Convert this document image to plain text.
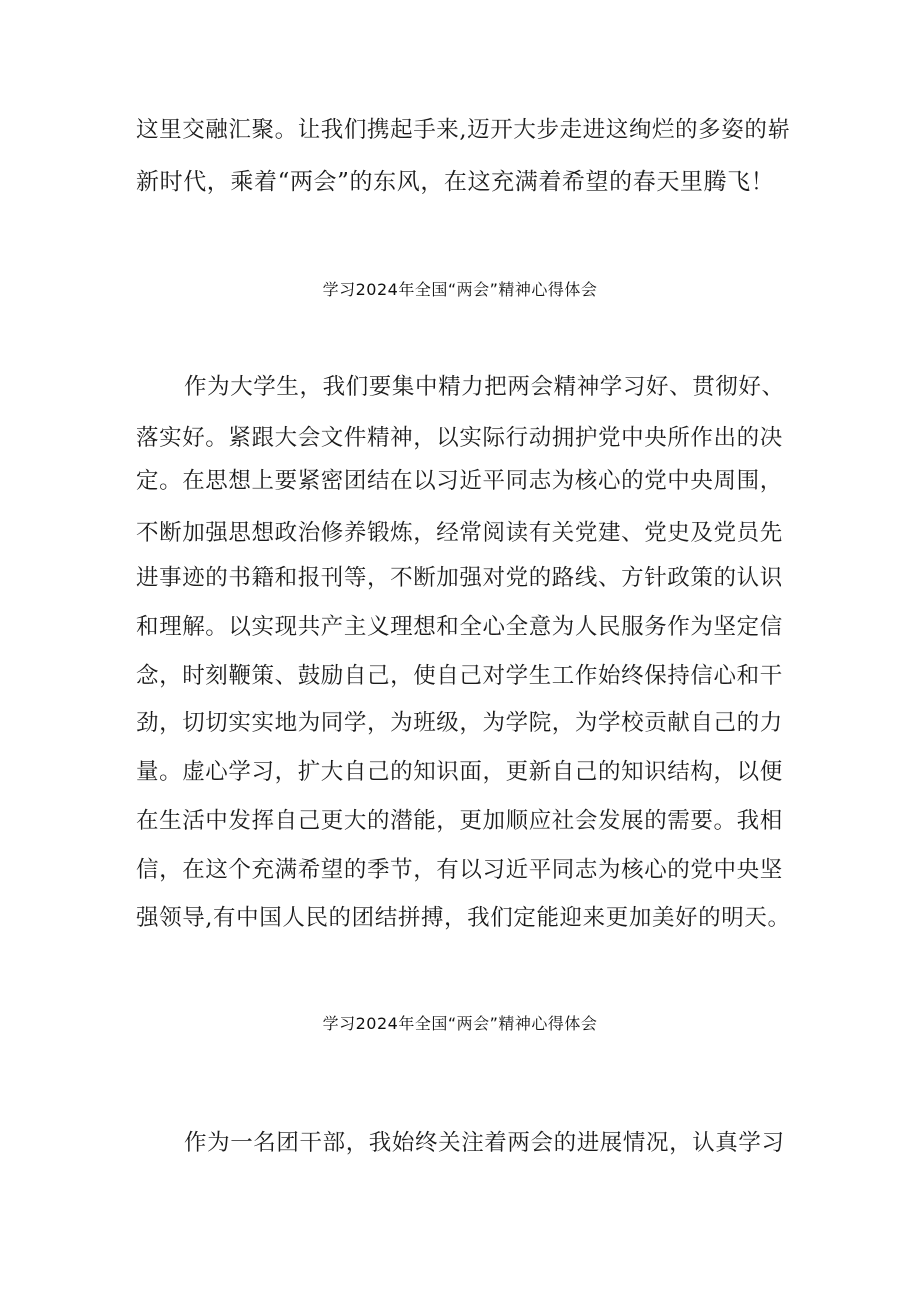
这里交融汇聚。让我们携起手来,迈开大步走进这绚烂的多姿的崭
新时代，乘着“两会”的东风，在这充满着希望的春天里腾飞！
学习2024年全国“两会”精神心得体会
作为大学生，我们要集中精力把两会精神学习好、贯彻好、
落实好。紧跟大会文件精神，以实际行动拥护党中央所作出的决
定。在思想上要紧密团结在以习近平同志为核心的党中央周围，
不断加强思想政治修养锻炼，经常阅读有关党建、党史及党员先
进事迹的书籍和报刊等，不断加强对党的路线、方针政策的认识
和理解。以实现共产主义理想和全心全意为人民服务作为坚定信
念，时刻鞭策、鼓励自己，使自己对学生工作始终保持信心和干
劲，切切实实地为同学，为班级，为学院，为学校贡献自己的力
量。虚心学习，扩大自己的知识面，更新自己的知识结构，以便
在生活中发挥自己更大的潜能，更加顺应社会发展的需要。我相
信，在这个充满希望的季节，有以习近平同志为核心的党中央坚
强领导,有中国人民的团结拼搏，我们定能迎来更加美好的明天。
学习2024年全国“两会”精神心得体会
作为一名团干部，我始终关注着两会的进展情况，认真学习
